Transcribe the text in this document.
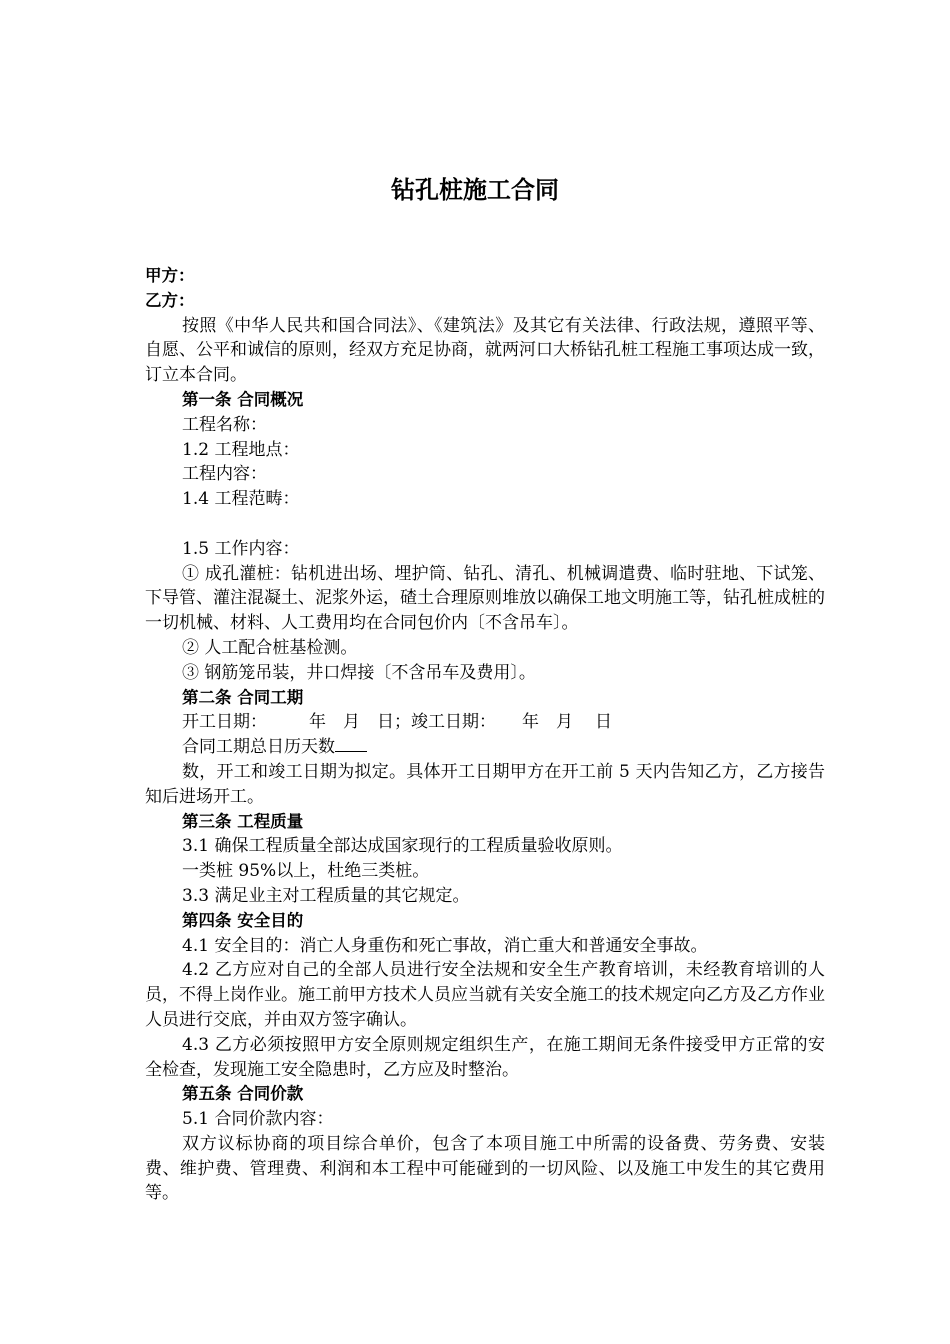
钻孔桩施工合同
甲方：
乙方：
按照《中华人民共和国合同法》、《建筑法》及其它有关法律、行政法规，遵照平等、自愿、公平和诚信的原则，经双方充足协商，就两河口大桥钻孔桩工程施工事项达成一致，订立本合同。
第一条 合同概况
工程名称：
1.2 工程地点：
工程内容：
1.4 工程范畴：
1.5 工作内容：
① 成孔灌桩：钻机进出场、埋护筒、钻孔、清孔、机械调遣费、临时驻地、下试笼、下导管、灌注混凝土、泥浆外运，碴土合理原则堆放以确保工地文明施工等，钻孔桩成桩的一切机械、材料、人工费用均在合同包价内〔不含吊车〕。
② 人工配合桩基检测。
③ 钢筋笼吊装，井口焊接〔不含吊车及费用〕。
第二条 合同工期
开工日期： 年 月 日；竣工日期： 年 月 日
合同工期总日历天数
数，开工和竣工日期为拟定。具体开工日期甲方在开工前 5 天内告知乙方，乙方接告知后进场开工。
第三条 工程质量
3.1 确保工程质量全部达成国家现行的工程质量验收原则。
一类桩 95%以上，杜绝三类桩。
3.3 满足业主对工程质量的其它规定。
第四条 安全目的
4.1 安全目的：消亡人身重伤和死亡事故，消亡重大和普通安全事故。
4.2 乙方应对自己的全部人员进行安全法规和安全生产教育培训，未经教育培训的人员，不得上岗作业。施工前甲方技术人员应当就有关安全施工的技术规定向乙方及乙方作业人员进行交底，并由双方签字确认。
4.3 乙方必须按照甲方安全原则规定组织生产，在施工期间无条件接受甲方正常的安全检查，发现施工安全隐患时，乙方应及时整治。
第五条 合同价款
5.1 合同价款内容：
双方议标协商的项目综合单价，包含了本项目施工中所需的设备费、劳务费、安装费、维护费、管理费、利润和本工程中可能碰到的一切风险、以及施工中发生的其它费用等。
